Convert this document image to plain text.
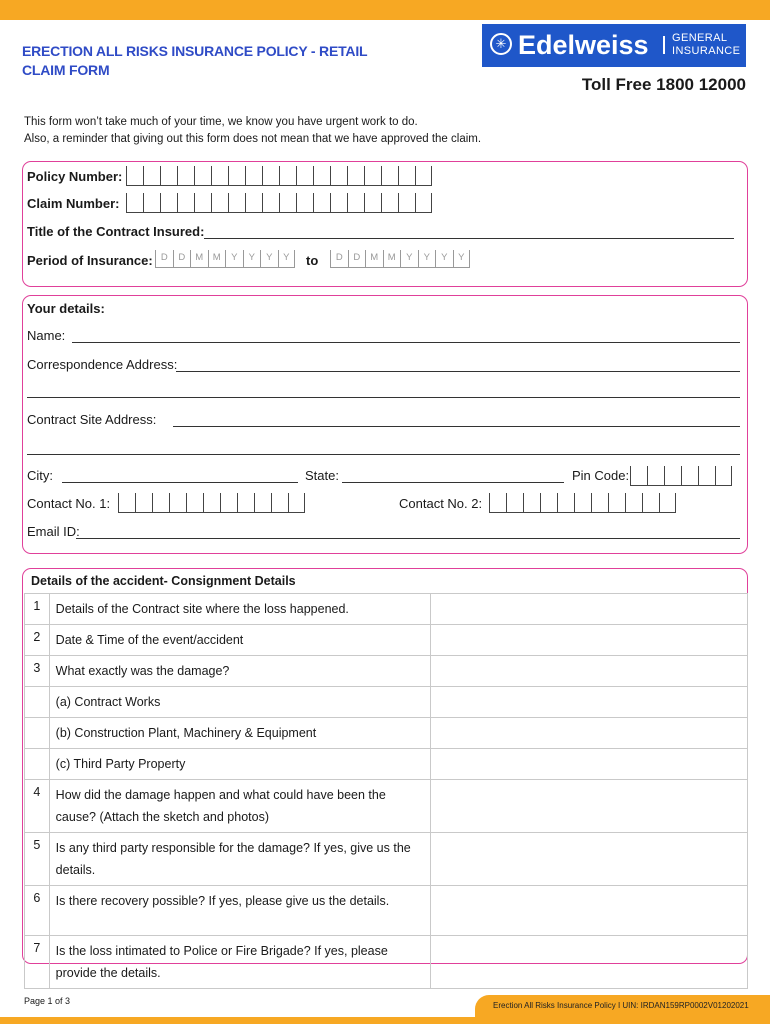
ERECTION ALL RISKS INSURANCE POLICY - RETAIL
CLAIM FORM
✳ Edelweiss GENERAL
INSURANCE
Toll Free 1800 12000
This form won’t take much of your time, we know you have urgent work to do.
Also, a reminder that giving out this form does not mean that we have approved the claim.
Policy Number:
Claim Number:
Title of the Contract Insured:
Period of Insurance: D	D	M	M	Y	Y	Y	Y	to	D	D	M	M	Y	Y	Y	Y
Your details:
Name:
Correspondence Address:
Contract Site Address:
City:	State:	Pin Code:
Contact No. 1:	Contact No. 2:
Email ID:
Details of the accident- Consignment Details
1	Details of the Contract site where the loss happened.	
2	Date & Time of the event/accident	
3	What exactly was the damage?	
	(a) Contract Works	
	(b) Construction Plant, Machinery & Equipment	
	(c) Third Party Property	
4	How did the damage happen and what could have been the cause? (Attach the sketch and photos)	
5	Is any third party responsible for the damage? If yes, give us the details.	
6	Is there recovery possible? If yes, please give us the details.	
7	Is the loss intimated to Police or Fire Brigade? If yes, please provide the details.	
Page 1 of 3	Erection All Risks Insurance Policy I UIN: IRDAN159RP0002V01202021
